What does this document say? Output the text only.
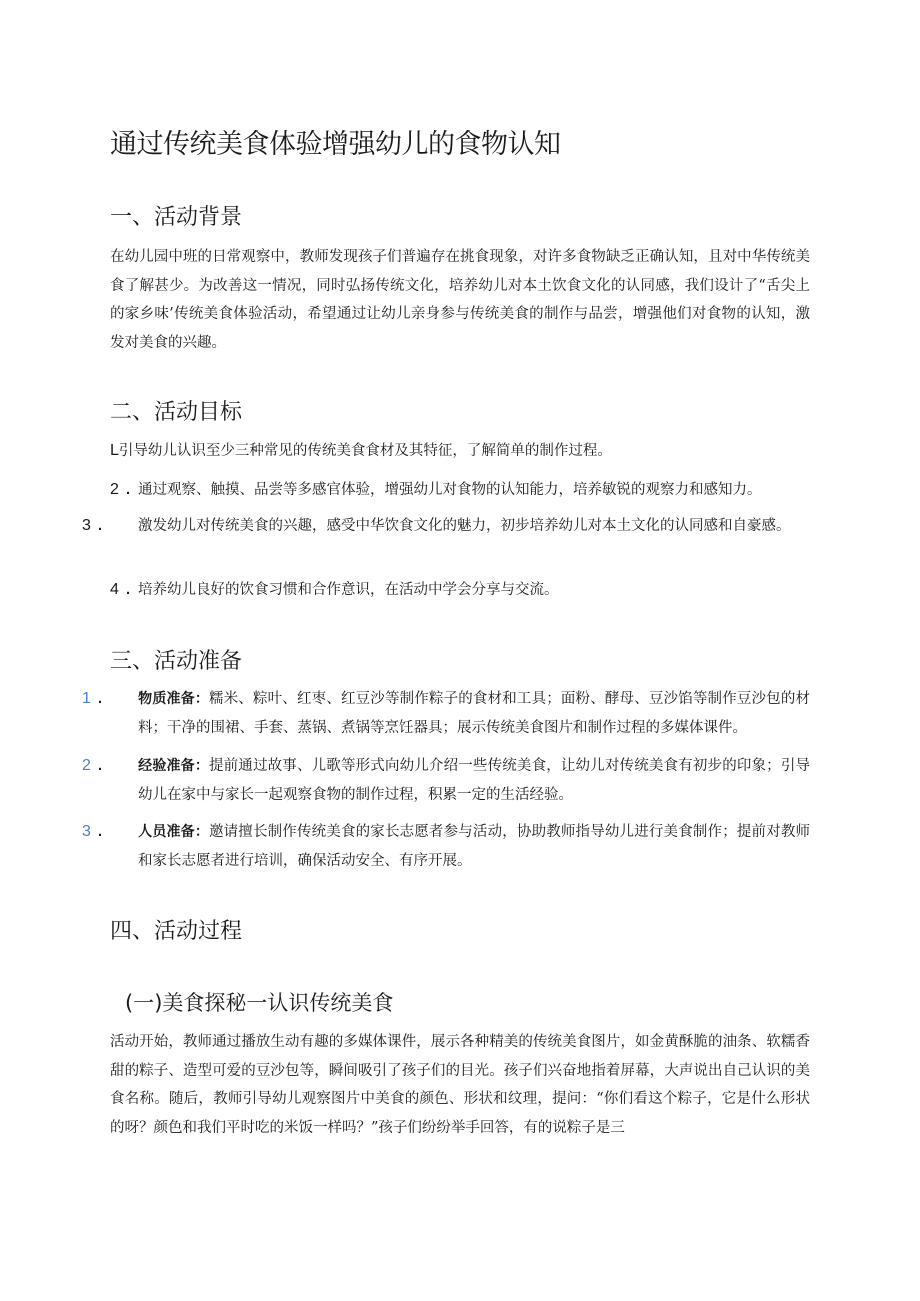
通过传统美食体验增强幼儿的食物认知
一、活动背景

在幼儿园中班的日常观察中，教师发现孩子们普遍存在挑食现象，对许多食物缺乏正确认知，且对中华传统美食了解甚少。为改善这一情况，同时弘扬传统文化，培养幼儿对本土饮食文化的认同感，我们设计了“舌尖上的家乡味’传统美食体验活动，希望通过让幼儿亲身参与传统美食的制作与品尝，增强他们对食物的认知，激发对美食的兴趣。

二、活动目标

L引导幼儿认识至少三种常见的传统美食食材及其特征，了解简单的制作过程。

2 . 通过观察、触摸、品尝等多感官体验，增强幼儿对食物的认知能力，培养敏锐的观察力和感知力。

3 . 激发幼儿对传统美食的兴趣，感受中华饮食文化的魅力，初步培养幼儿对本土文化的认同感和自豪感。

4 . 培养幼儿良好的饮食习惯和合作意识，在活动中学会分享与交流。

三、活动准备

1 .	物质准备：糯米、粽叶、红枣、红豆沙等制作粽子的食材和工具；面粉、酵母、豆沙馅等制作豆沙包的材料；干净的围裙、手套、蒸锅、煮锅等烹饪器具；展示传统美食图片和制作过程的多媒体课件。

2 .	经验准备：提前通过故事、儿歌等形式向幼儿介绍一些传统美食，让幼儿对传统美食有初步的印象；引导幼儿在家中与家长一起观察食物的制作过程，积累一定的生活经验。

3 .	人员准备：邀请擅长制作传统美食的家长志愿者参与活动，协助教师指导幼儿进行美食制作；提前对教师和家长志愿者进行培训，确保活动安全、有序开展。

四、活动过程
(一)美食探秘一认识传统美食

活动开始，教师通过播放生动有趣的多媒体课件，展示各种精美的传统美食图片，如金黄酥脆的油条、软糯香甜的粽子、造型可爱的豆沙包等，瞬间吸引了孩子们的目光。孩子们兴奋地指着屏幕，大声说出自己认识的美食名称。随后，教师引导幼儿观察图片中美食的颜色、形状和纹理，提问：“你们看这个粽子，它是什么形状的呀？颜色和我们平时吃的米饭一样吗？”孩子们纷纷举手回答，有的说粽子是三
